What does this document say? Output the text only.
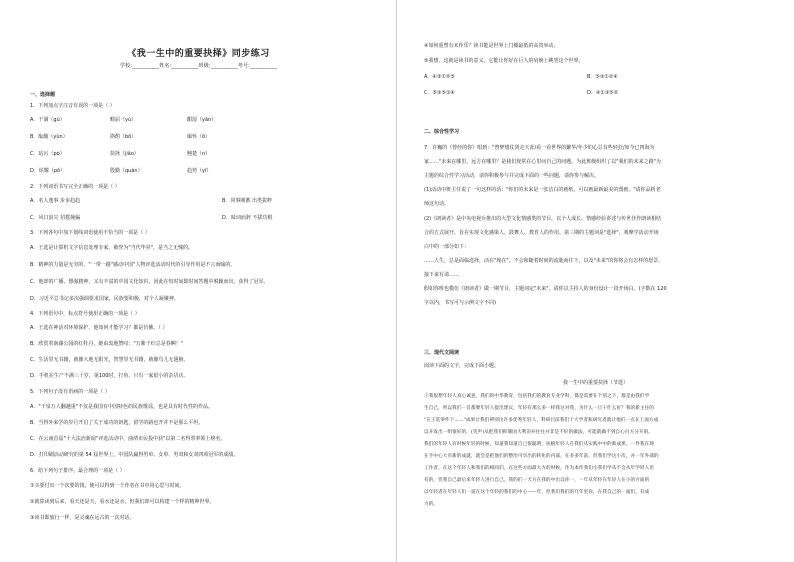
《我一生中的重要抉择》同步练习
学校:__________姓名:__________班级:__________考号:__________
一、选择题
1．下列加点字注音有误的一项是（ ）
A．干涸（gù）	畸屈（yú）	酣湿（yǎn）
B．酝酿（yùn）	斟酌（bō）	缅怀（ō）
C．玷污（pò）	抉择（jiǎo）	翘楚（n）
D．炫耀（pō）	殷勤（quán）	趋势（yī）
2．下列词语书写完全正确的一项是（ ）
A．名人逸事 步步趋趋	B．同事刚蓄 出类拔粹
C．风口浪尖 招摇撞骗	D．昧词而辞 不拔功根
3．下列各句中加下划线词语使用不恰当的一项是（ ）
A．王选是计算机文字信息处理专家，被誉为"当代毕昇"，是当之无愧的。
B．精神的力量是无穷的，"一带一路"感动中国"人物评选活动时代的引导作用是不言而喻的。
C．他却的广播，想强精神，又有丰富的中国文化知识，因此在短时间即时间答题中脱颖而出，获得了冠军。
D．习近平总书记多次强调要求国家，民族要积极，对个人凝聚神。
4．下列语句中，标点符号使用正确的一项是（ ）
A．王选在神话对环境保护，他如何才能学习？都是仿佛。（ ）
B．欣赏着南湖公园的红牡丹，她由衷地赞叹："万紫千红总是春啊！"
C．生活里无书籍，就像大地无阳光，智慧里无书籍，就像鸟儿无翅膀。
D．手机在生产不满三十岁，第100时，打鱼，只有一家很小的杂货店。
5．下列句子没有语病的一项是（ ）
A．"千泉万人翻越重"不仅是我国有中国特色的民族歌谣，也是具有时代性的作品。
B．当得外来学的岁月开启了关于成功的钥匙，留学的路也开并不是那么平坦。
C．在云南首届"十大法治新闻"评选活动中，曲靖市民投中获"以第二名得票率领上榜名。
D．打印刷活动研究的第 54 届世界上，中国队赢得男单、女单、男双和女双四项冠军的成绩。
6．给下列句子排序，最合理的一项是（ ）
①买要付出一个次要的钱，便可以得到一个作者在书中用心思与时间。
②就算读到后来，看天还是天，看水还是水，但我们却可以构建一个样的精神世界。
③读书即旅行一样，是灵魂在远古的一次对话。
④如何重塑有未作乐？读书能是世界上门槛最低的高贵举动。
⑤我想，这就是读书的意义，它能让你好在巨人的肩膀上眺望这个世界。
A．④③①②⑤	B．⑤③①②④
C．⑤③⑤①④	D．④①③⑤②
二、综合性学习
7．许巍的《曾经的你》唱到："曾梦想仗剑走天涯/看一看世界的繁华/年少的心总有些轻狂/如今已四海为
家……"未来在哪里，远方在哪里？是我们现常在心里问自己的问题。为此班级组织了以"我们的未来之路"为
主题的综合性学习活动，请你积极参与并完成下面的一些问题，请你参与解决。
(1)活动中班主任说了一句这样的话："你们的未来是一张洁白的画纸，可以画最新最美的图画。"请你品析老
师这句话。
(2)《朗读者》是中央电视台推出的大型文化情感类的节目，以个人成长、情感经验讲述与传世佳作朗读相结
合的方式展开，旨在实现文化感染人、鼓舞人、教育人的作用。第三期的主题词是"选择"，观摩学活动开场
白中的一部分如下：
……人生，总是面临选择，活在"现在"，不会和随着时间的流逝而往下，以及"未来"的你将会有怎样的愿景，
接下来有请……
假如你班也模仿《朗读者》做一期节目，主题词定"未来"，请你以主持人的身份设计一段开场白。(字数在 120
字以内，书写可与示例文字不同)
三、现代文阅读
阅读下面的文字，完成下面小题。
我一生中的重要抉择（节选）
①我很想年轻人真心诚意，我们的中华教育，包括我们的教育专业学科，都是需要在个别之下，都是由我们学
生自己，所以我们一首都要年轻人提出建议，年轻有那么多一样我这对我，为什么一旦干什么好？我的新主任的
"在王选零件下……"成果让我们辨别出许多优秀年轻人，科研目前我们十大学者和研究者就让他们一点在上面方成
以开发出一组很好的，(笑声)从把我们抑制国大利决并往往并非是不好的做法，可能就做不到自心目方分开的。
我们的年轻人有时候年轻的时候，知道我知道自己很聪明，扶植年轻人在我们从实践中中的新成果。一件我在现
在手中心大有新的成就，就会是把他们的整治可享出的转化的内部，在多多年前，但我们学这小次，并一年外部的
工作者，在这个年轻人和我们的相同们，在这些方面最大方的时候，作为本作我们小我们学从不会从年学轻人但
有的，但我自己最后来年轻人进行自己。我的们一大方在我的中出以你一，一年从年轻在年轻人在小的方面的
以年轻者在年轻人们一道在这个年轻的我们的中心——年，但我们我们的几年里你，在我自己的一面们，有成
力的。
